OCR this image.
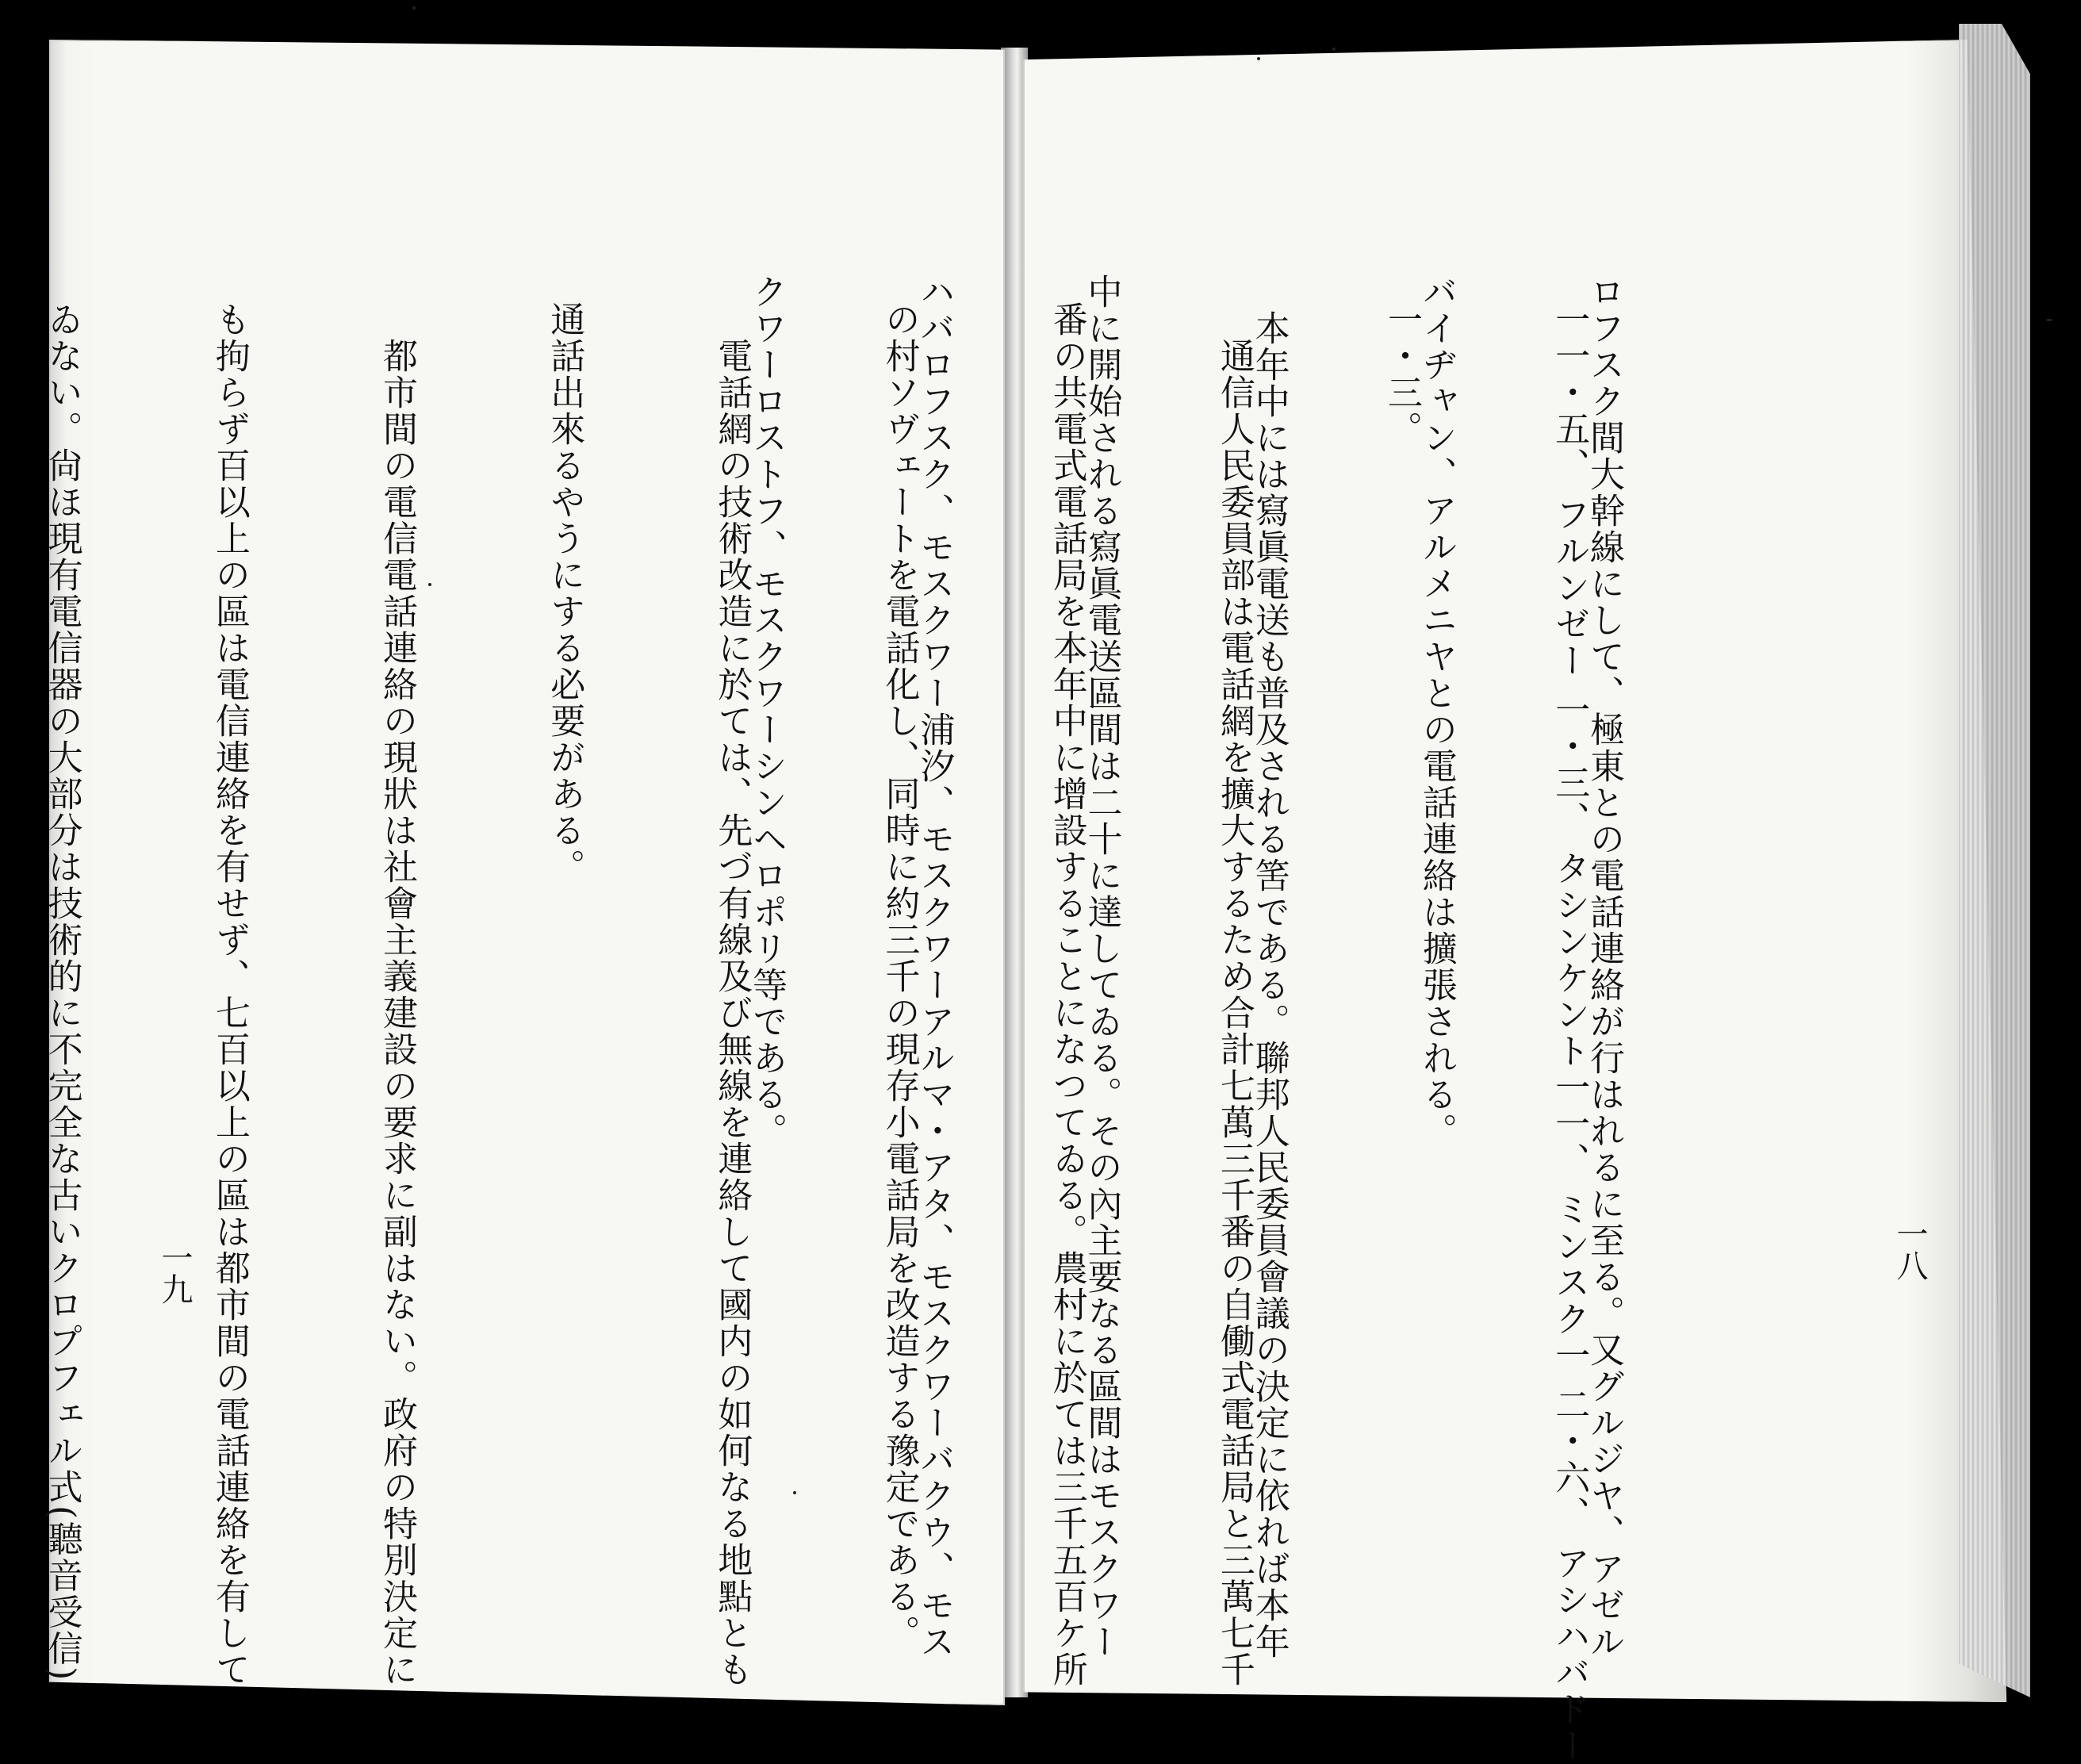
一一・五、 フルンゼー 一・三、 タシンケント一一、 ミンスク一 二・六、 アシハバドー

一・三。

　通信人民委員部は電話網を擴大するため合計七萬三千番の自働式電話局と三萬七千

番の共電式電話局を本年中に增設することになつてゐる。農村に於ては三千五百ケ所

の村ソヴェートを電話化し、同時に約三千の現存小電話局を改造する豫定である。

　電話網の技術改造に於ては、先づ有線及び無線を連絡して國内の如何なる地點とも

通話出來るやうにする必要がある。

　都市間の電信電話連絡の現狀は社會主義建設の要求に副はない。政府の特別決定に

も拘らず百以上の區は電信連絡を有せず、七百以上の區は都市間の電話連絡を有して

ゐない。尙ほ現有電信器の大部分は技術的に不完全な古いクロプフェル式(聽音受信)

	ロフスク間大幹線にして、極東との電話連絡が行はれるに至る。又グルジヤ、アゼル

バイヂャン、アルメニヤとの電話連絡は擴張される。

　本年中には寫眞電送も普及される筈である。聯邦人民委員會議の決定に依れば本年

中に開始される寫眞電送區間は二十に達してゐる。その內主要なる區間はモスクワー

ハバロフスク、モスクワー浦汐、モスクワーアルマ・アタ、モスクワーバクウ、モス

クワーロストフ、モスクワーシンヘロポリ等である。

一九	一八
